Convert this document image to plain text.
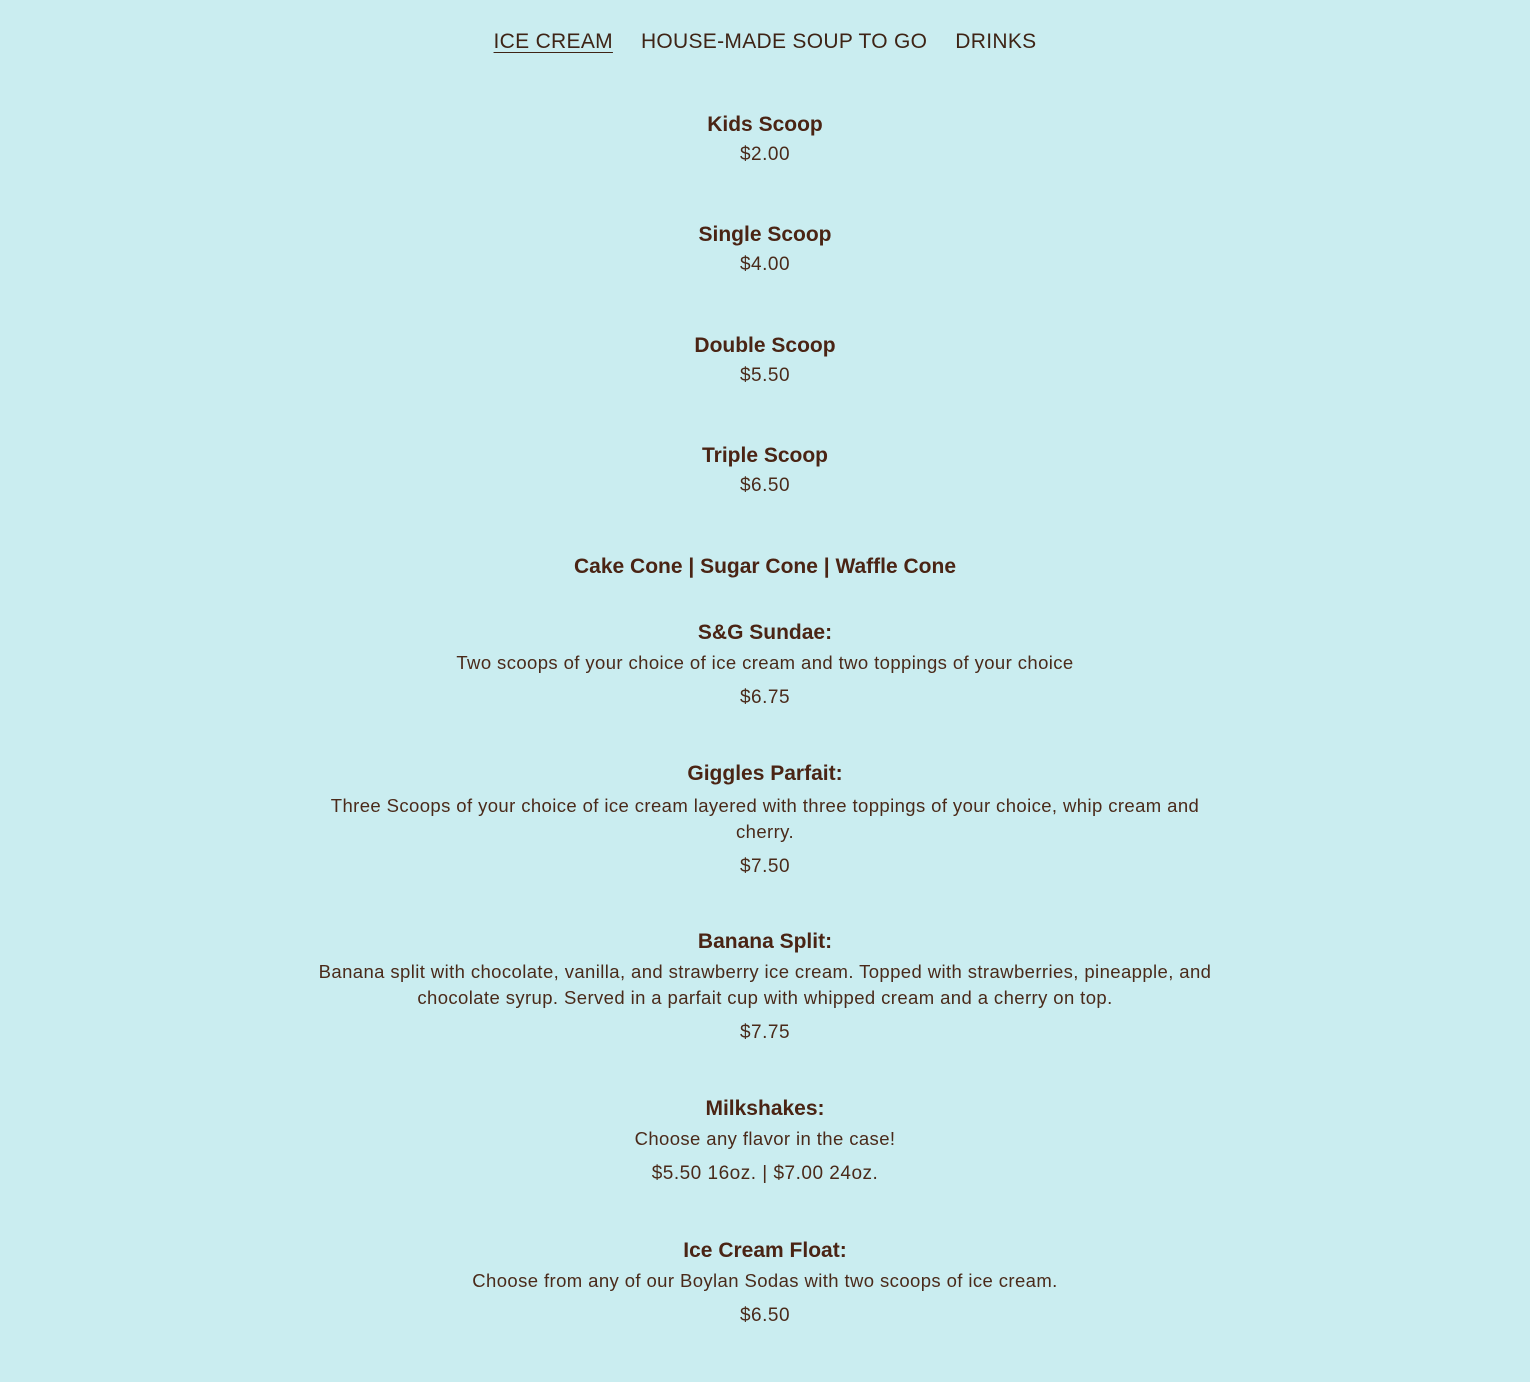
ICE CREAM HOUSE-MADE SOUP TO GO DRINKS
Kids Scoop
$2.00
Single Scoop
$4.00
Double Scoop
$5.50
Triple Scoop
$6.50
Cake Cone | Sugar Cone | Waffle Cone
S&G Sundae:
Two scoops of your choice of ice cream and two toppings of your choice
$6.75
Giggles Parfait:
Three Scoops of your choice of ice cream layered with three toppings of your choice, whip cream and cherry.
$7.50
Banana Split:
Banana split with chocolate, vanilla, and strawberry ice cream. Topped with strawberries, pineapple, and chocolate syrup. Served in a parfait cup with whipped cream and a cherry on top.
$7.75
Milkshakes:
Choose any flavor in the case!
$5.50 16oz. | $7.00 24oz.
Ice Cream Float:
Choose from any of our Boylan Sodas with two scoops of ice cream.
$6.50
